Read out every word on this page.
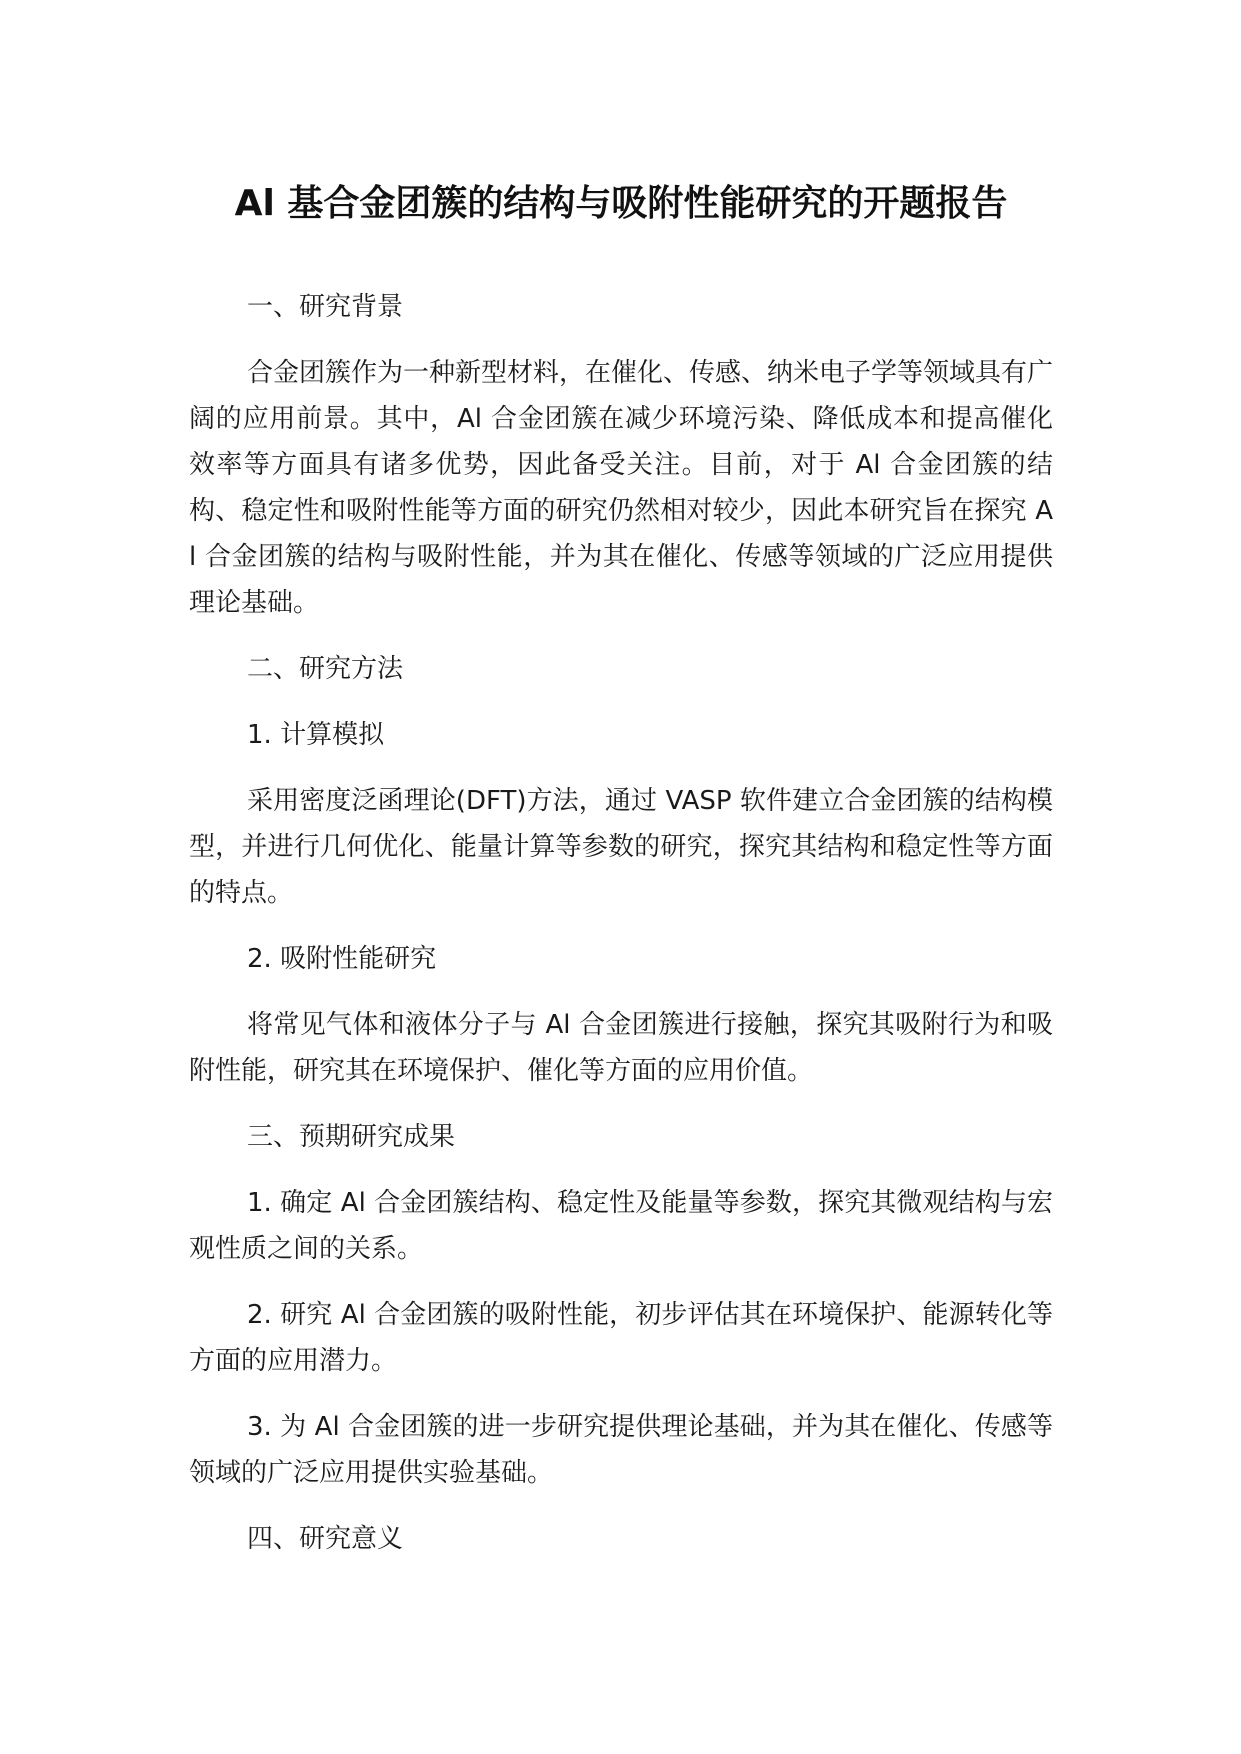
Al 基合金团簇的结构与吸附性能研究的开题报告
一、研究背景

合金团簇作为一种新型材料，在催化、传感、纳米电子学等领域具有广阔的应用前景。其中，Al 合金团簇在减少环境污染、降低成本和提高催化效率等方面具有诸多优势，因此备受关注。目前，对于 Al 合金团簇的结构、稳定性和吸附性能等方面的研究仍然相对较少，因此本研究旨在探究 Al 合金团簇的结构与吸附性能，并为其在催化、传感等领域的广泛应用提供理论基础。

二、研究方法
1. 计算模拟

采用密度泛函理论(DFT)方法，通过 VASP 软件建立合金团簇的结构模型，并进行几何优化、能量计算等参数的研究，探究其结构和稳定性等方面的特点。

2. 吸附性能研究

将常见气体和液体分子与 Al 合金团簇进行接触，探究其吸附行为和吸附性能，研究其在环境保护、催化等方面的应用价值。

三、预期研究成果

1. 确定 Al 合金团簇结构、稳定性及能量等参数，探究其微观结构与宏观性质之间的关系。

2. 研究 Al 合金团簇的吸附性能，初步评估其在环境保护、能源转化等方面的应用潜力。

3. 为 Al 合金团簇的进一步研究提供理论基础，并为其在催化、传感等领域的广泛应用提供实验基础。

四、研究意义
